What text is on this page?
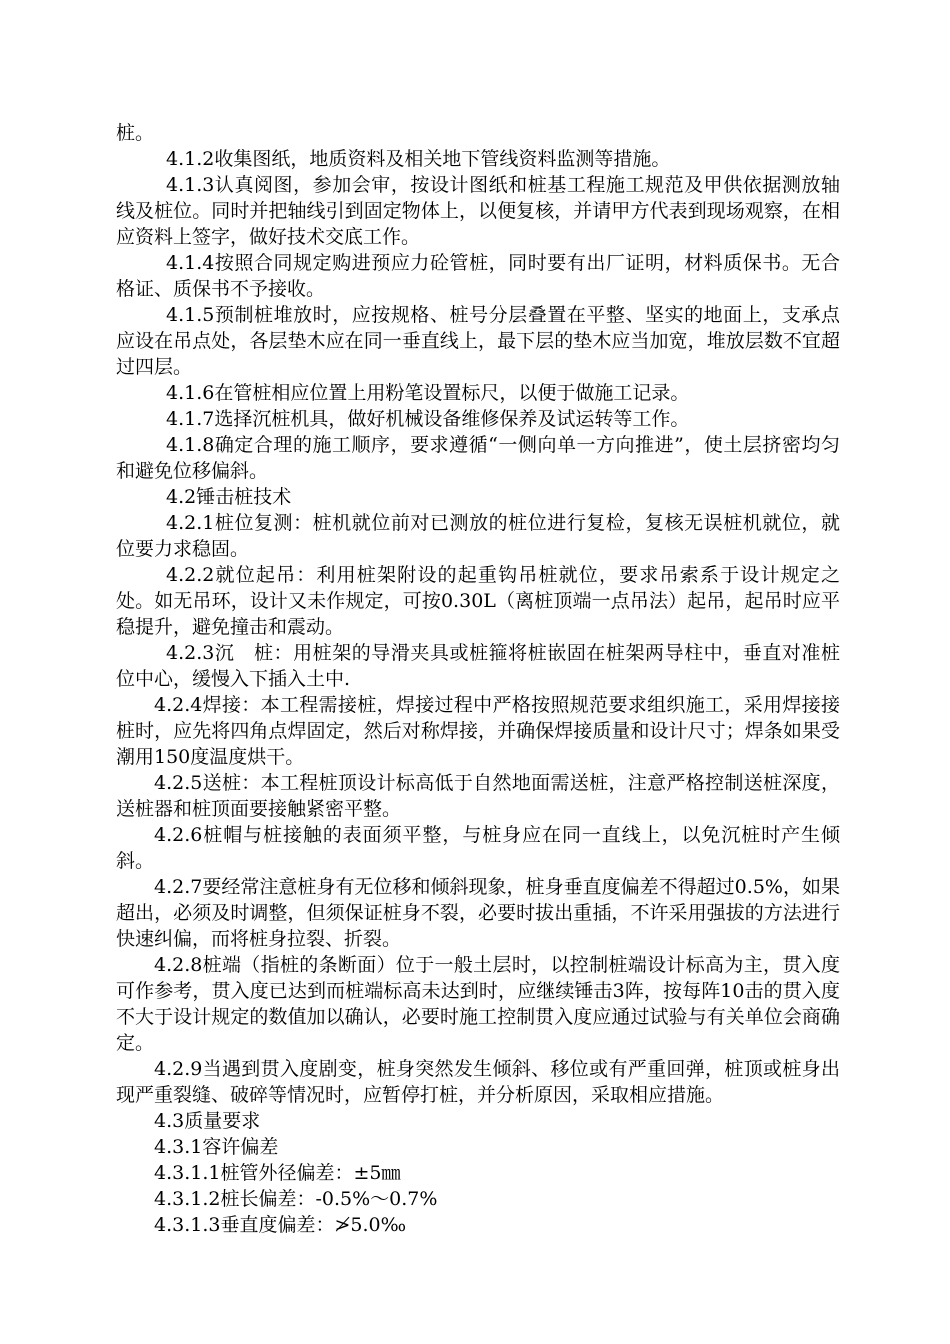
桩。

4.1.2收集图纸，地质资料及相关地下管线资料监测等措施。

4.1.3认真阅图，参加会审，按设计图纸和桩基工程施工规范及甲供依据测放轴线及桩位。同时并把轴线引到固定物体上，以便复核，并请甲方代表到现场观察，在相应资料上签字，做好技术交底工作。

4.1.4按照合同规定购进预应力砼管桩，同时要有出厂证明，材料质保书。无合格证、质保书不予接收。

4.1.5预制桩堆放时，应按规格、桩号分层叠置在平整、坚实的地面上，支承点应设在吊点处，各层垫木应在同一垂直线上，最下层的垫木应当加宽，堆放层数不宜超过四层。

4.1.6在管桩相应位置上用粉笔设置标尺，以便于做施工记录。

4.1.7选择沉桩机具，做好机械设备维修保养及试运转等工作。

4.1.8确定合理的施工顺序，要求遵循“一侧向单一方向推进”，使土层挤密均匀和避免位移偏斜。

4.2锤击桩技术

4.2.1桩位复测：桩机就位前对已测放的桩位进行复检，复核无误桩机就位，就位要力求稳固。

4.2.2就位起吊：利用桩架附设的起重钩吊桩就位，要求吊索系于设计规定之处。如无吊环，设计又未作规定，可按0.30L（离桩顶端一点吊法）起吊，起吊时应平稳提升，避免撞击和震动。

4.2.3沉　桩：用桩架的导滑夹具或桩箍将桩嵌固在桩架两导柱中，垂直对准桩位中心，缓慢入下插入土中.

4.2.4焊接：本工程需接桩，焊接过程中严格按照规范要求组织施工，采用焊接接桩时，应先将四角点焊固定，然后对称焊接，并确保焊接质量和设计尺寸；焊条如果受潮用150度温度烘干。

4.2.5送桩：本工程桩顶设计标高低于自然地面需送桩，注意严格控制送桩深度，送桩器和桩顶面要接触紧密平整。

4.2.6桩帽与桩接触的表面须平整，与桩身应在同一直线上，以免沉桩时产生倾斜。

4.2.7要经常注意桩身有无位移和倾斜现象，桩身垂直度偏差不得超过0.5%，如果超出，必须及时调整，但须保证桩身不裂，必要时拔出重插，不许采用强拔的方法进行快速纠偏，而将桩身拉裂、折裂。

4.2.8桩端（指桩的条断面）位于一般土层时，以控制桩端设计标高为主，贯入度可作参考，贯入度已达到而桩端标高未达到时，应继续锤击3阵，按每阵10击的贯入度不大于设计规定的数值加以确认，必要时施工控制贯入度应通过试验与有关单位会商确定。

4.2.9当遇到贯入度剧变，桩身突然发生倾斜、移位或有严重回弹，桩顶或桩身出现严重裂缝、破碎等情况时，应暂停打桩，并分析原因，采取相应措施。

4.3质量要求

4.3.1容许偏差

4.3.1.1桩管外径偏差：±5㎜

4.3.1.2桩长偏差：-0.5%～0.7%

4.3.1.3垂直度偏差：≯5.0‰
